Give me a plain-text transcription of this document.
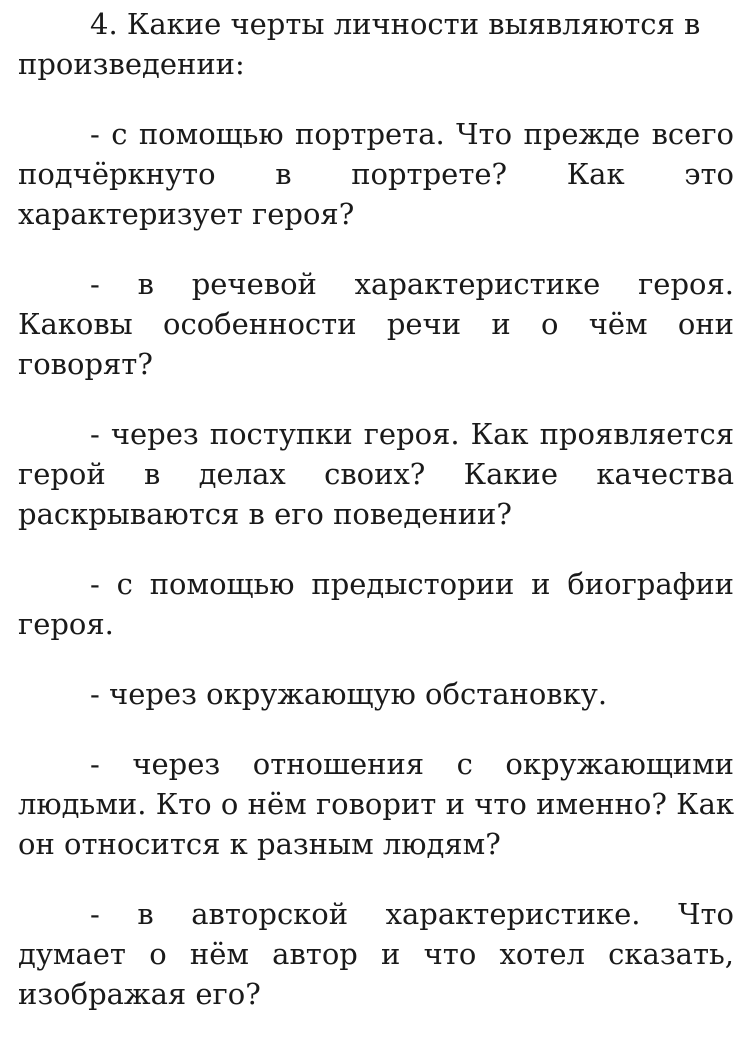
4. Какие черты личности выявляются в произведении:

- с помощью портрета. Что прежде всего подчёркнуто в портрете? Как это характеризует героя?

- в речевой характеристике героя. Каковы особенности речи и о чём они говорят?

- через поступки героя. Как проявляется герой в делах своих? Какие качества раскрываются в его поведении?

- с помощью предыстории и биографии героя.

- через окружающую обстановку.

- через отношения с окружающими людьми. Кто о нём говорит и что именно? Как он относится к разным людям?

- в авторской характеристике. Что думает о нём автор и что хотел сказать, изображая его?
